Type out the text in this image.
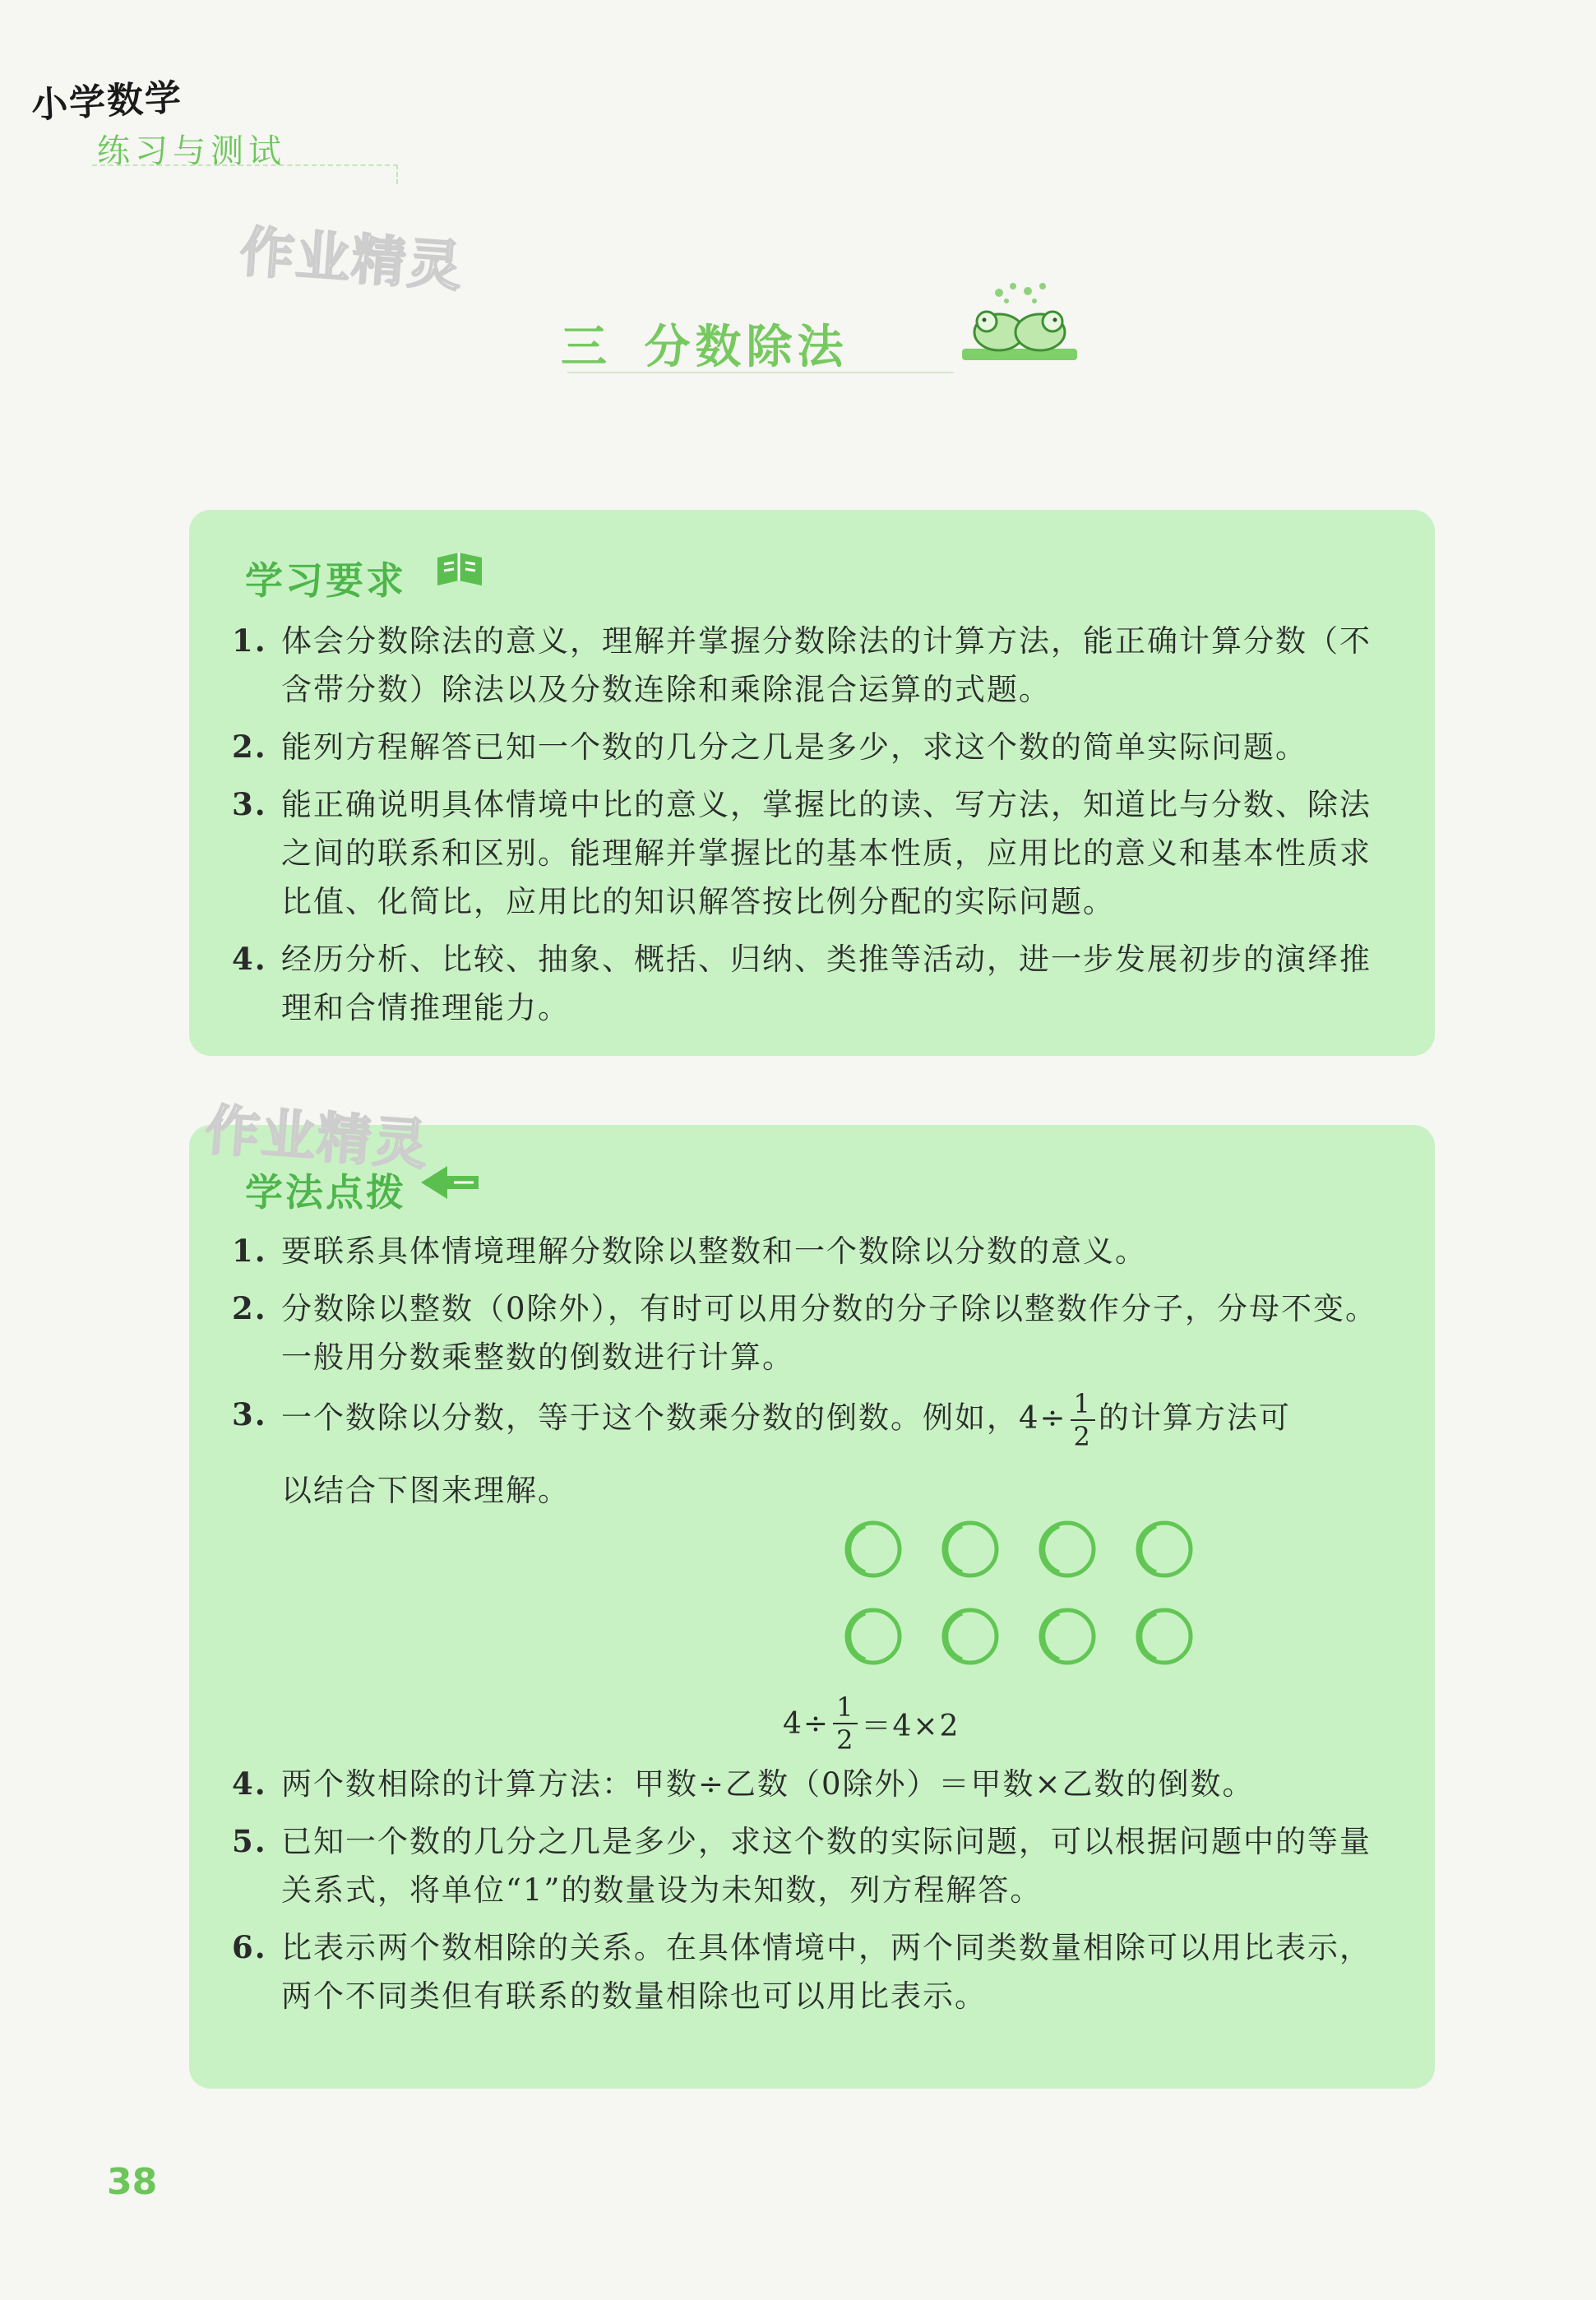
小学数学
练习与测试
作业精灵
三 分数除法
学习要求
1. 体会分数除法的意义，理解并掌握分数除法的计算方法，能正确计算分数（不含带分数）除法以及分数连除和乘除混合运算的式题。
2. 能列方程解答已知一个数的几分之几是多少，求这个数的简单实际问题。
3. 能正确说明具体情境中比的意义，掌握比的读、写方法，知道比与分数、除法之间的联系和区别。能理解并掌握比的基本性质，应用比的意义和基本性质求比值、化简比，应用比的知识解答按比例分配的实际问题。
4. 经历分析、比较、抽象、概括、归纳、类推等活动，进一步发展初步的演绎推理和合情推理能力。
学法点拨
1. 要联系具体情境理解分数除以整数和一个数除以分数的意义。
2. 分数除以整数（0除外），有时可以用分数的分子除以整数作分子，分母不变。一般用分数乘整数的倒数进行计算。
3. 一个数除以分数，等于这个数乘分数的倒数。例如，$4\div \frac{1}{2}$ 的计算方法可
以结合下图来理解。
$4\div \frac{1}{2} =4\times 2$
4. 两个数相除的计算方法：甲数÷乙数（0除外）＝甲数×乙数的倒数。
5. 已知一个数的几分之几是多少，求这个数的实际问题，可以根据问题中的等量关系式，将单位“1”的数量设为未知数，列方程解答。
6. 比表示两个数相除的关系。在具体情境中，两个同类数量相除可以用比表示，两个不同类但有联系的数量相除也可以用比表示。
作业精灵
38
